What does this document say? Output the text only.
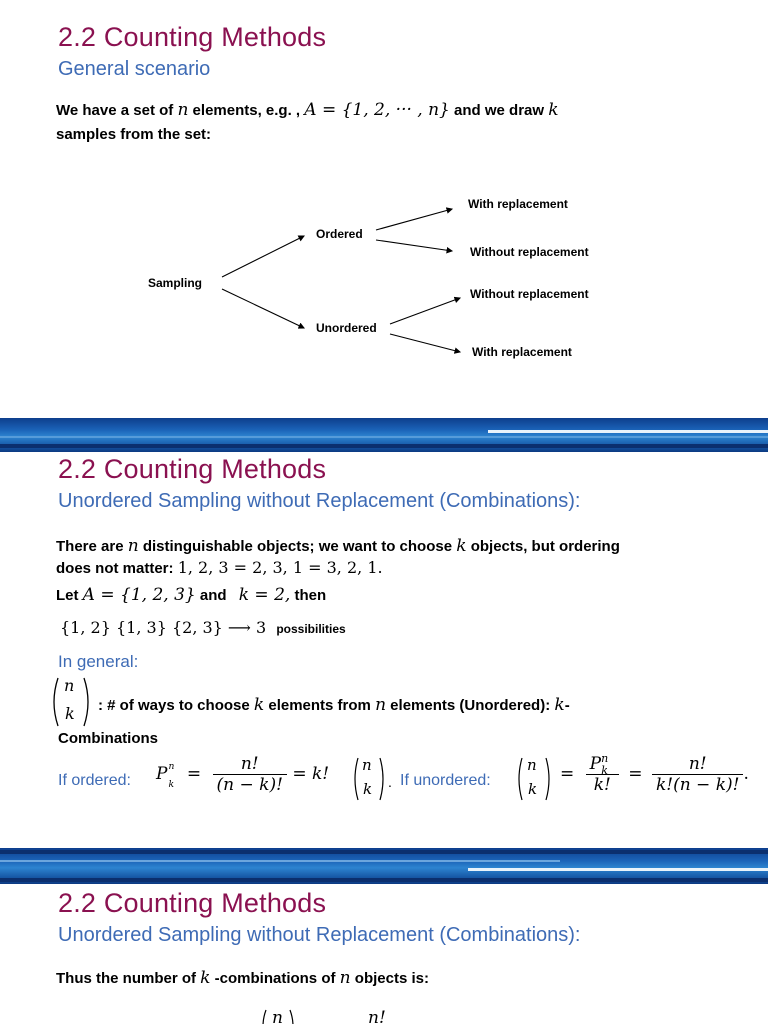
2.2 Counting Methods
General scenario
We have a set of n elements, e.g. , A = {1, 2, ··· , n} and we draw k
samples from the set:
Sampling
Ordered
Unordered
With replacement
Without replacement
Without replacement
With replacement
2.2 Counting Methods
Unordered Sampling without Replacement (Combinations):
There are n distinguishable objects; we want to choose k objects, but ordering
does not matter: 1, 2, 3 = 2, 3, 1 = 3, 2, 1.
Let A = {1, 2, 3} and k = 2, then
{1, 2} {1, 3} {2, 3} ⟶ 3 possibilities
In general:
n
k : # of ways to choose k elements from n elements (Unordered): k-
Combinations
If ordered: P n
k
= $\frac{n!}{(n - k)!} = k$! n
k . If unordered:
n
k
= $\frac{P^n_k}{k!} = \frac{n!}{k!(n - k)!}$ .
2.2 Counting Methods
Unordered Sampling without Replacement (Combinations):
Thus the number of k -combinations of n objects is:
n	n!
